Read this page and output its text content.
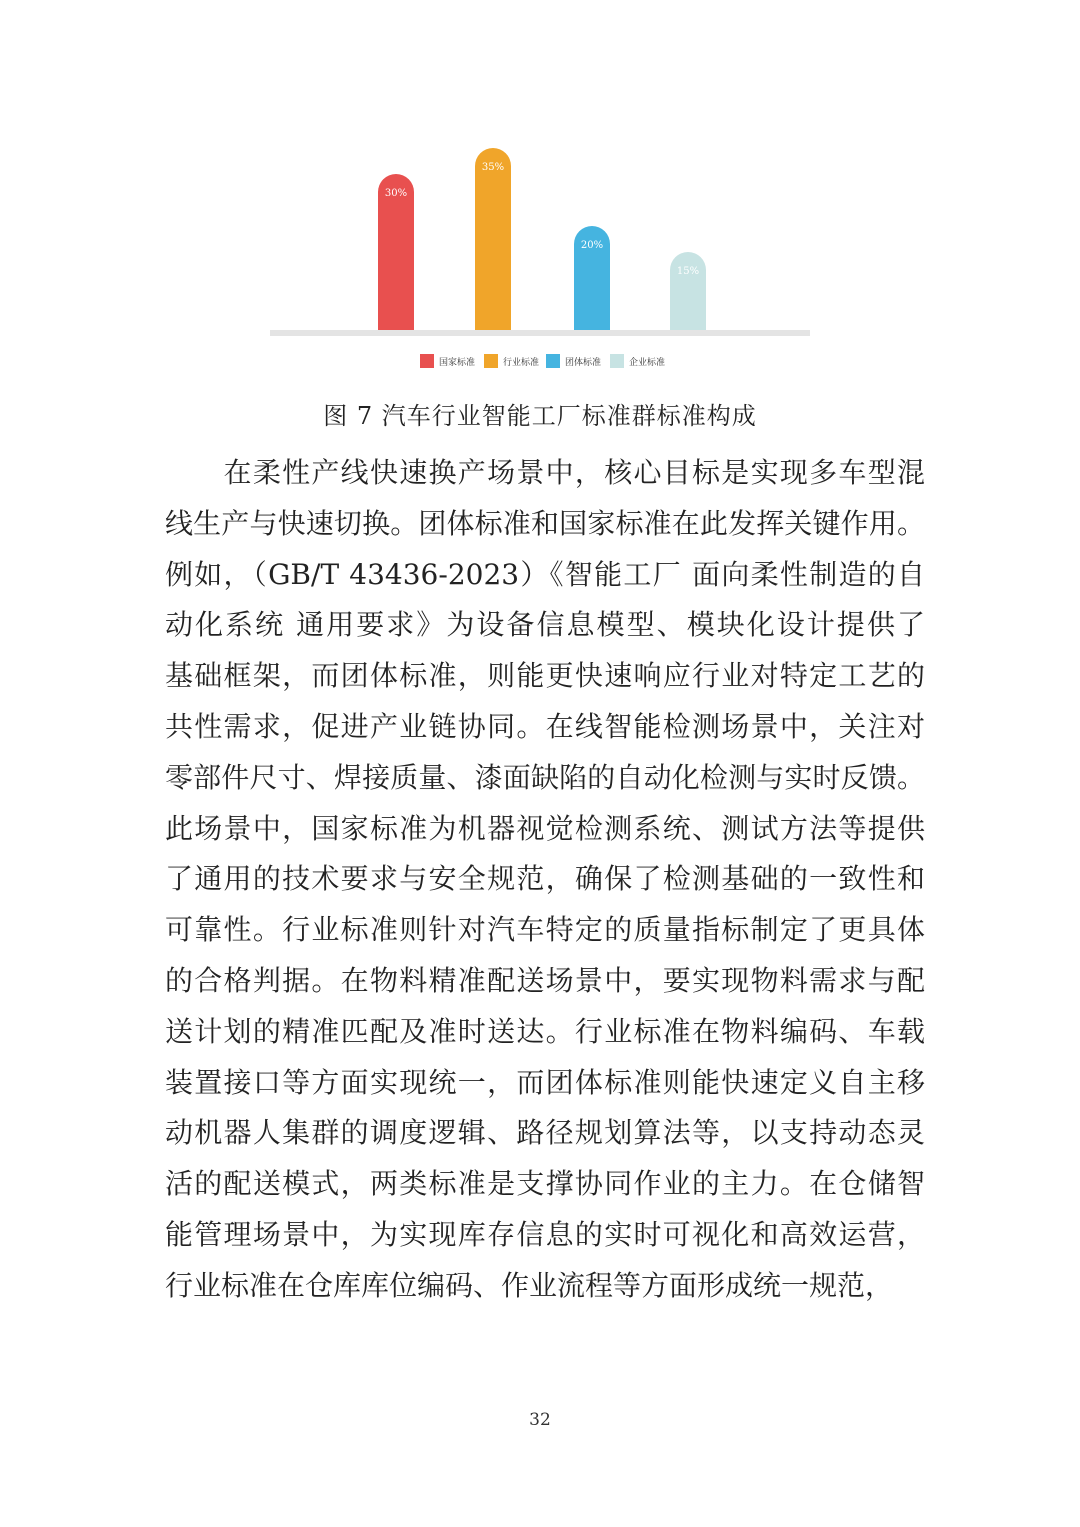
30%
35%
20%
15%
国家标准	行业标准	团体标准	企业标准
图 7 汽车行业智能工厂标准群标准构成
　　在柔性产线快速换产场景中，核心目标是实现多车型混
线生产与快速切换。团体标准和国家标准在此发挥关键作用。
例如，（GB/T 43436-2023）《智能工厂 面向柔性制造的自
动化系统 通用要求》为设备信息模型、模块化设计提供了
基础框架，而团体标准，则能更快速响应行业对特定工艺的
共性需求，促进产业链协同。在线智能检测场景中，关注对
零部件尺寸、焊接质量、漆面缺陷的自动化检测与实时反馈。
此场景中，国家标准为机器视觉检测系统、测试方法等提供
了通用的技术要求与安全规范，确保了检测基础的一致性和
可靠性。行业标准则针对汽车特定的质量指标制定了更具体
的合格判据。在物料精准配送场景中，要实现物料需求与配
送计划的精准匹配及准时送达。行业标准在物料编码、车载
装置接口等方面实现统一，而团体标准则能快速定义自主移
动机器人集群的调度逻辑、路径规划算法等，以支持动态灵
活的配送模式，两类标准是支撑协同作业的主力。在仓储智
能管理场景中，为实现库存信息的实时可视化和高效运营，
行业标准在仓库库位编码、作业流程等方面形成统一规范，
32
